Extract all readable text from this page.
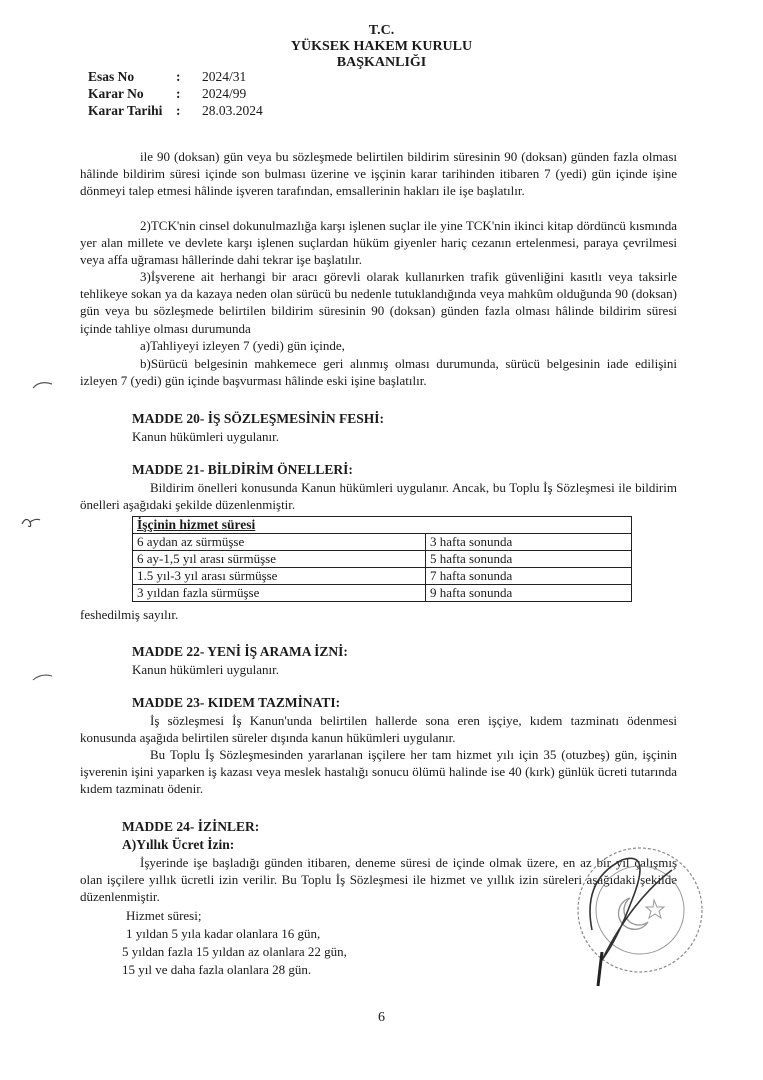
T.C.
YÜKSEK HAKEM KURULU
BAŞKANLIĞI
Esas No	:	2024/31
Karar No	:	2024/99
Karar Tarihi	:	28.03.2024
ile 90 (doksan) gün veya bu sözleşmede belirtilen bildirim süresinin 90 (doksan) günden fazla olması hâlinde bildirim süresi içinde son bulması üzerine ve işçinin karar tarihinden itibaren 7 (yedi) gün içinde işine dönmeyi talep etmesi hâlinde işveren tarafından, emsallerinin hakları ile işe başlatılır.
2)TCK'nin cinsel dokunulmazlığa karşı işlenen suçlar ile yine TCK'nin ikinci kitap dördüncü kısmında yer alan millete ve devlete karşı işlenen suçlardan hüküm giyenler hariç cezanın ertelenmesi, paraya çevrilmesi veya affa uğraması hâllerinde dahi tekrar işe başlatılır.
3)İşverene ait herhangi bir aracı görevli olarak kullanırken trafik güvenliğini kasıtlı veya taksirle tehlikeye sokan ya da kazaya neden olan sürücü bu nedenle tutuklandığında veya mahkûm olduğunda 90 (doksan) gün veya bu sözleşmede belirtilen bildirim süresinin 90 (doksan) günden fazla olması hâlinde bildirim süresi içinde tahliye olması durumunda
a)Tahliyeyi izleyen 7 (yedi) gün içinde,
b)Sürücü belgesinin mahkemece geri alınmış olması durumunda, sürücü belgesinin iade edilişini izleyen 7 (yedi) gün içinde başvurması hâlinde eski işine başlatılır.
MADDE 20- İŞ SÖZLEŞMESİNİN FESHİ:
Kanun hükümleri uygulanır.
MADDE 21- BİLDİRİM ÖNELLERİ:
Bildirim önelleri konusunda Kanun hükümleri uygulanır. Ancak, bu Toplu İş Sözleşmesi ile bildirim önelleri aşağıdaki şekilde düzenlenmiştir.
İşçinin hizmet süresi	
6 aydan az sürmüşse	3 hafta sonunda
6 ay-1,5 yıl arası sürmüşse	5 hafta sonunda
1.5 yıl-3 yıl arası sürmüşse	7 hafta sonunda
3 yıldan fazla sürmüşse	9 hafta sonunda
feshedilmiş sayılır.
MADDE 22- YENİ İŞ ARAMA İZNİ:
Kanun hükümleri uygulanır.
MADDE 23- KIDEM TAZMİNATI:
İş sözleşmesi İş Kanun'unda belirtilen hallerde sona eren işçiye, kıdem tazminatı ödenmesi konusunda aşağıda belirtilen süreler dışında kanun hükümleri uygulanır.
Bu Toplu İş Sözleşmesinden yararlanan işçilere her tam hizmet yılı için 35 (otuzbeş) gün, işçinin işverenin işini yaparken iş kazası veya meslek hastalığı sonucu ölümü halinde ise 40 (kırk) günlük ücreti tutarında kıdem tazminatı ödenir.
MADDE 24- İZİNLER:
A)Yıllık Ücret İzin:
İşyerinde işe başladığı günden itibaren, deneme süresi de içinde olmak üzere, en az bir yıl çalışmış olan işçilere yıllık ücretli izin verilir. Bu Toplu İş Sözleşmesi ile hizmet ve yıllık izin süreleri aşağıdaki şekilde düzenlenmiştir.
Hizmet süresi;
1 yıldan 5 yıla kadar olanlara 16 gün,
5 yıldan fazla 15 yıldan az olanlara 22 gün,
15 yıl ve daha fazla olanlara 28 gün.
6
